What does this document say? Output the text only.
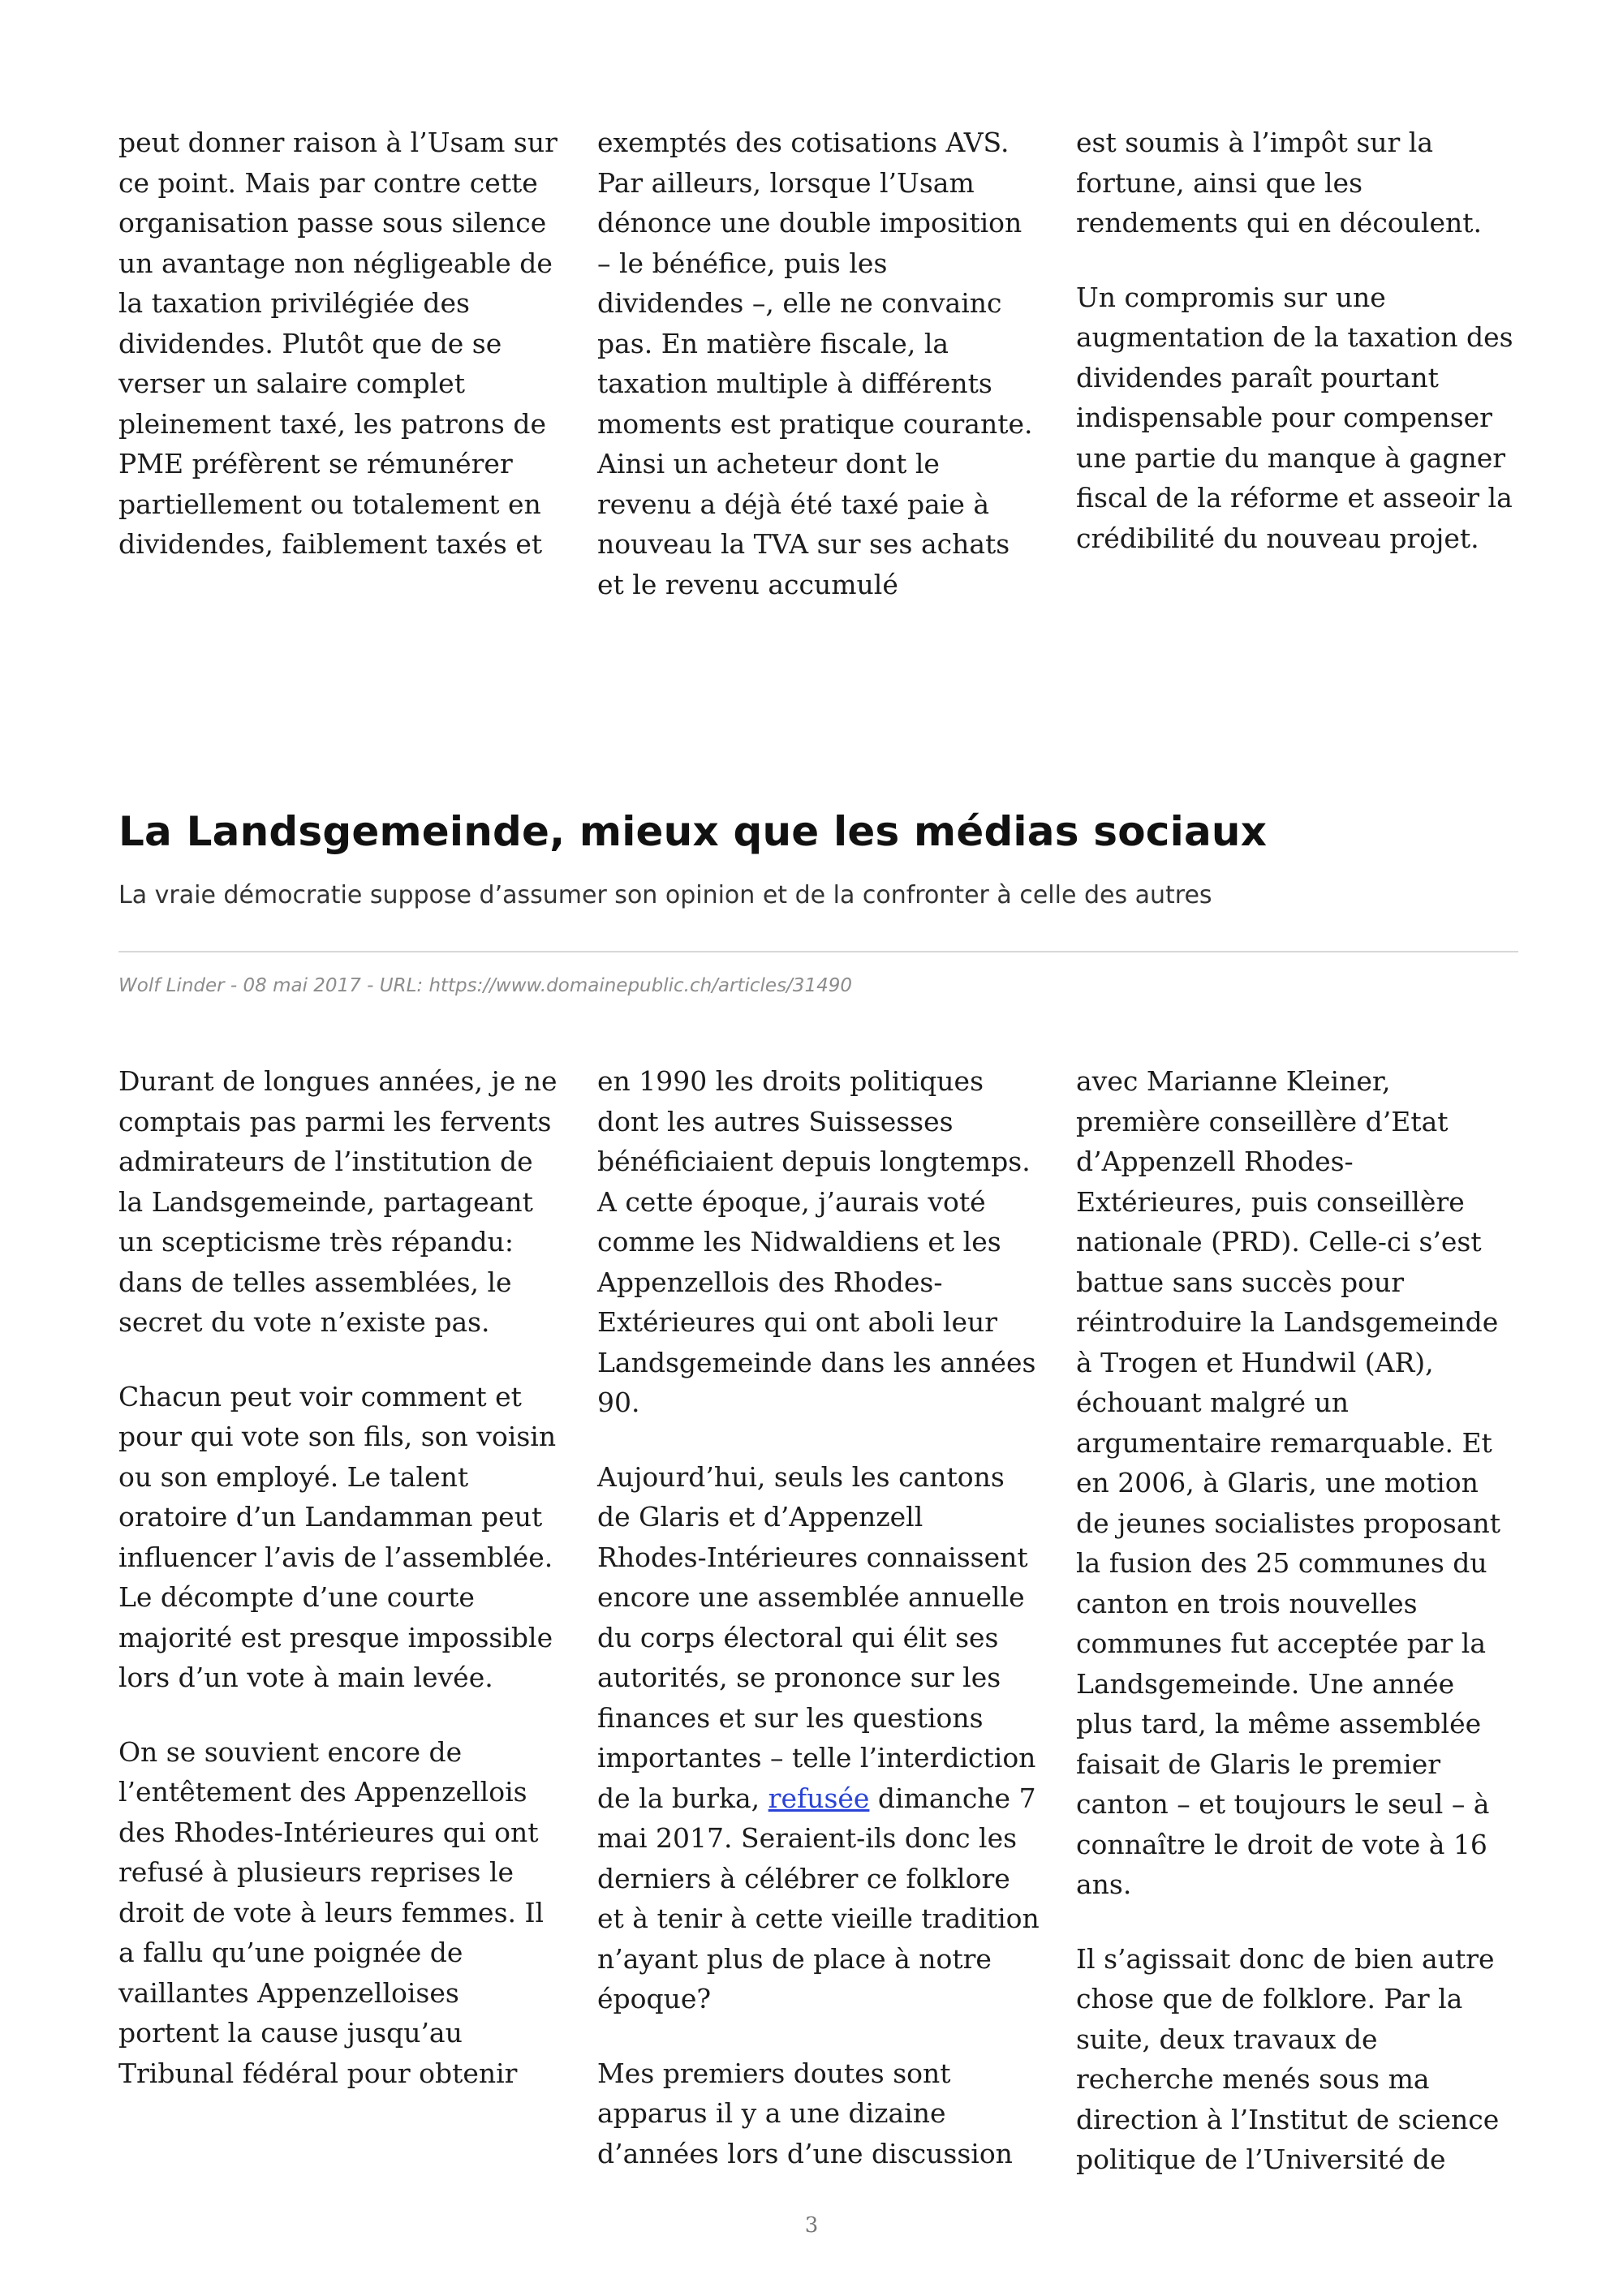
peut donner raison à l’Usam sur ce point. Mais par contre cette organisation passe sous silence un avantage non négligeable de la taxation privilégiée des dividendes. Plutôt que de se verser un salaire complet pleinement taxé, les patrons de PME préfèrent se rémunérer partiellement ou totalement en dividendes, faiblement taxés et

exemptés des cotisations AVS. Par ailleurs, lorsque l’Usam dénonce une double imposition – le bénéfice, puis les dividendes –, elle ne convainc pas. En matière fiscale, la taxation multiple à différents moments est pratique courante. Ainsi un acheteur dont le revenu a déjà été taxé paie à nouveau la TVA sur ses achats et le revenu accumulé

est soumis à l’impôt sur la fortune, ainsi que les rendements qui en découlent.

Un compromis sur une augmentation de la taxation des dividendes paraît pourtant indispensable pour compenser une partie du manque à gagner fiscal de la réforme et asseoir la crédibilité du nouveau projet.

La Landsgemeinde, mieux que les médias sociaux

La vraie démocratie suppose d’assumer son opinion et de la confronter à celle des autres

Wolf Linder - 08 mai 2017 - URL: https://www.domainepublic.ch/articles/31490

Durant de longues années, je ne comptais pas parmi les fervents admirateurs de l’institution de la Landsgemeinde, partageant un scepticisme très répandu: dans de telles assemblées, le secret du vote n’existe pas.

Chacun peut voir comment et pour qui vote son fils, son voisin ou son employé. Le talent oratoire d’un Landamman peut influencer l’avis de l’assemblée. Le décompte d’une courte majorité est presque impossible lors d’un vote à main levée.

On se souvient encore de l’entêtement des Appenzellois des Rhodes-Intérieures qui ont refusé à plusieurs reprises le droit de vote à leurs femmes. Il a fallu qu’une poignée de vaillantes Appenzelloises portent la cause jusqu’au Tribunal fédéral pour obtenir

en 1990 les droits politiques dont les autres Suissesses bénéficiaient depuis longtemps. A cette époque, j’aurais voté comme les Nidwaldiens et les Appenzellois des Rhodes-Extérieures qui ont aboli leur Landsgemeinde dans les années 90.

Aujourd’hui, seuls les cantons de Glaris et d’Appenzell Rhodes-Intérieures connaissent encore une assemblée annuelle du corps électoral qui élit ses autorités, se prononce sur les finances et sur les questions importantes – telle l’interdiction de la burka, refusée dimanche 7 mai 2017. Seraient-ils donc les derniers à célébrer ce folklore et à tenir à cette vieille tradition n’ayant plus de place à notre époque?

Mes premiers doutes sont apparus il y a une dizaine d’années lors d’une discussion

avec Marianne Kleiner, première conseillère d’Etat d’Appenzell Rhodes-Extérieures, puis conseillère nationale (PRD). Celle-ci s’est battue sans succès pour réintroduire la Landsgemeinde à Trogen et Hundwil (AR), échouant malgré un argumentaire remarquable. Et en 2006, à Glaris, une motion de jeunes socialistes proposant la fusion des 25 communes du canton en trois nouvelles communes fut acceptée par la Landsgemeinde. Une année plus tard, la même assemblée faisait de Glaris le premier canton – et toujours le seul – à connaître le droit de vote à 16 ans.

Il s’agissait donc de bien autre chose que de folklore. Par la suite, deux travaux de recherche menés sous ma direction à l’Institut de science politique de l’Université de

3
